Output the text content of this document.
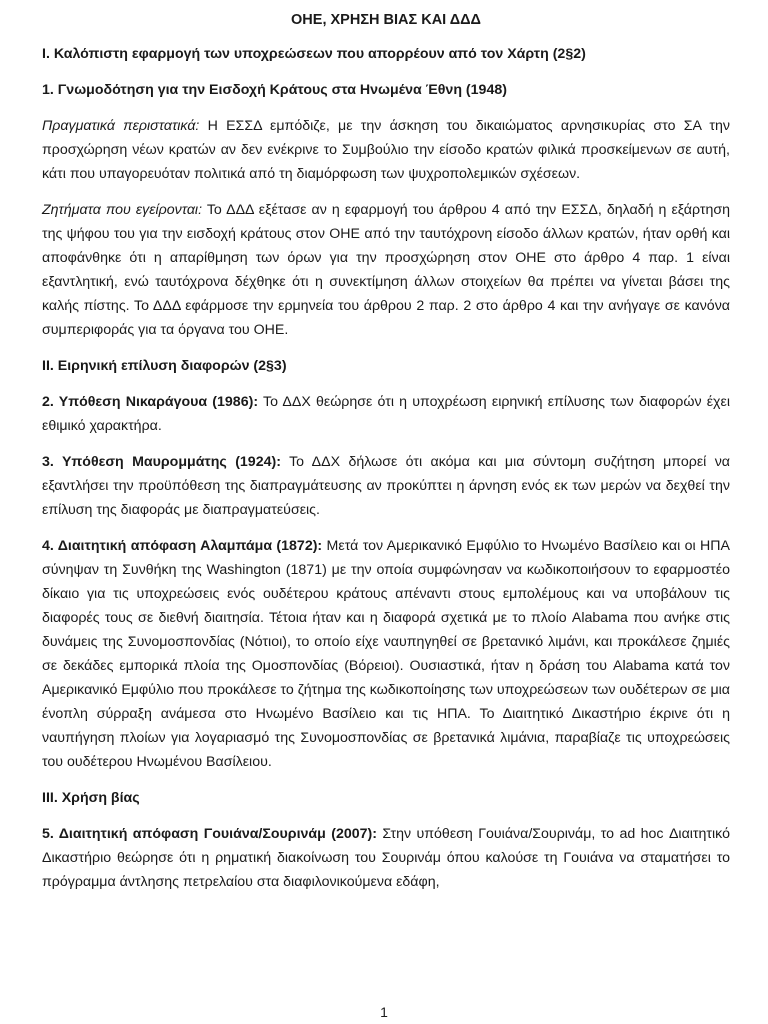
ΟΗΕ, ΧΡΗΣΗ ΒΙΑΣ ΚΑΙ ΔΔΔ
I. Καλόπιστη εφαρμογή των υποχρεώσεων που απορρέουν από τον Χάρτη (2§2)
1. Γνωμοδότηση για την Εισδοχή Κράτους στα Ηνωμένα Έθνη (1948)

Πραγματικά περιστατικά: Η ΕΣΣΔ εμπόδιζε, με την άσκηση του δικαιώματος αρνησικυρίας στο ΣΑ την προσχώρηση νέων κρατών αν δεν ενέκρινε το Συμβούλιο την είσοδο κρατών φιλικά προσκείμενων σε αυτή, κάτι που υπαγορευόταν πολιτικά από τη διαμόρφωση των ψυχροπολεμικών σχέσεων.

Ζητήματα που εγείρονται: Το ΔΔΔ εξέτασε αν η εφαρμογή του άρθρου 4 από την ΕΣΣΔ, δηλαδή η εξάρτηση της ψήφου του για την εισδοχή κράτους στον ΟΗΕ από την ταυτόχρονη είσοδο άλλων κρατών, ήταν ορθή και αποφάνθηκε ότι η απαρίθμηση των όρων για την προσχώρηση στον ΟΗΕ στο άρθρο 4 παρ. 1 είναι εξαντλητική, ενώ ταυτόχρονα δέχθηκε ότι η συνεκτίμηση άλλων στοιχείων θα πρέπει να γίνεται βάσει της καλής πίστης. Το ΔΔΔ εφάρμοσε την ερμηνεία του άρθρου 2 παρ. 2 στο άρθρο 4 και την ανήγαγε σε κανόνα συμπεριφοράς για τα όργανα του ΟΗΕ.

II. Ειρηνική επίλυση διαφορών (2§3)

2. Υπόθεση Νικαράγουα (1986): Το ΔΔΧ θεώρησε ότι η υποχρέωση ειρηνική επίλυσης των διαφορών έχει εθιμικό χαρακτήρα.

3. Υπόθεση Μαυρομμάτης (1924): Το ΔΔΧ δήλωσε ότι ακόμα και μια σύντομη συζήτηση μπορεί να εξαντλήσει την προϋπόθεση της διαπραγμάτευσης αν προκύπτει η άρνηση ενός εκ των μερών να δεχθεί την επίλυση της διαφοράς με διαπραγματεύσεις.

4. Διαιτητική απόφαση Αλαμπάμα (1872): Μετά τον Αμερικανικό Εμφύλιο το Ηνωμένο Βασίλειο και οι ΗΠΑ σύνηψαν τη Συνθήκη της Washington (1871) με την οποία συμφώνησαν να κωδικοποιήσουν το εφαρμοστέο δίκαιο για τις υποχρεώσεις ενός ουδέτερου κράτους απέναντι στους εμπολέμους και να υποβάλουν τις διαφορές τους σε διεθνή διαιτησία. Τέτοια ήταν και η διαφορά σχετικά με το πλοίο Alabama που ανήκε στις δυνάμεις της Συνομοσπονδίας (Νότιοι), το οποίο είχε ναυπηγηθεί σε βρετανικό λιμάνι, και προκάλεσε ζημιές σε δεκάδες εμπορικά πλοία της Ομοσπονδίας (Βόρειοι). Ουσιαστικά, ήταν η δράση του Alabama κατά τον Αμερικανικό Εμφύλιο που προκάλεσε το ζήτημα της κωδικοποίησης των υποχρεώσεων των ουδέτερων σε μια ένοπλη σύρραξη ανάμεσα στο Ηνωμένο Βασίλειο και τις ΗΠΑ. Το Διαιτητικό Δικαστήριο έκρινε ότι η ναυπήγηση πλοίων για λογαριασμό της Συνομοσπονδίας σε βρετανικά λιμάνια, παραβίαζε τις υποχρεώσεις του ουδέτερου Ηνωμένου Βασίλειου.

III. Χρήση βίας

5. Διαιτητική απόφαση Γουιάνα/Σουρινάμ (2007): Στην υπόθεση Γουιάνα/Σουρινάμ, το ad hoc Διαιτητικό Δικαστήριο θεώρησε ότι η ρηματική διακοίνωση του Σουρινάμ όπου καλούσε τη Γουιάνα να σταματήσει το πρόγραμμα άντλησης πετρελαίου στα διαφιλονικούμενα εδάφη,

1
